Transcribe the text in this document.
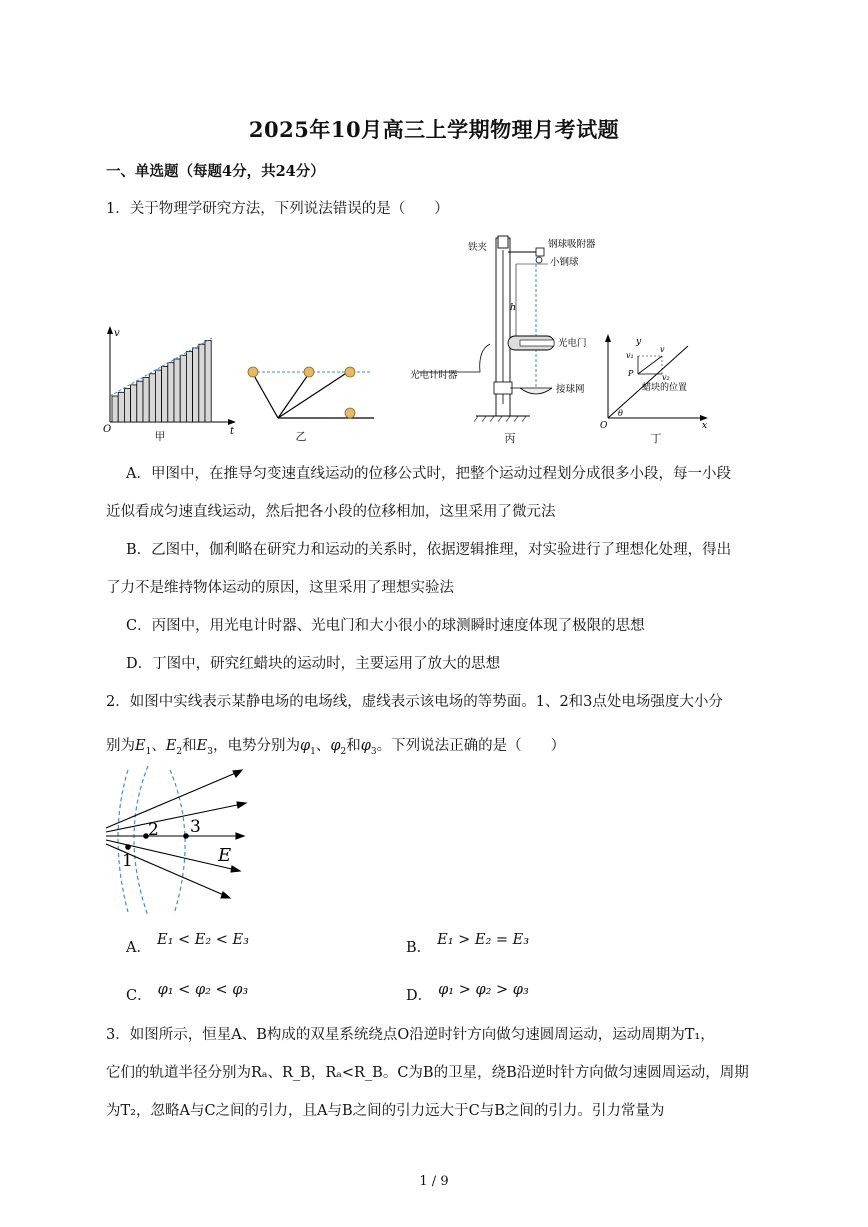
2025年10月高三上学期物理月考试题
一、单选题（每题4分，共24分）
1．关于物理学研究方法，下列说法错误的是（　　）
v
t
O
甲	乙
铁夹	钢球吸附器
小钢球
h
光电门
光电计时器
接球网
丙
y
x
O
θ
P
v
v₁
v₂
蜡块的位置
丁
A．甲图中，在推导匀变速直线运动的位移公式时，把整个运动过程划分成很多小段，每一小段
近似看成匀速直线运动，然后把各小段的位移相加，这里采用了微元法
B．乙图中，伽利略在研究力和运动的关系时，依据逻辑推理，对实验进行了理想化处理，得出
了力不是维持物体运动的原因，这里采用了理想实验法
C．丙图中，用光电计时器、光电门和大小很小的球测瞬时速度体现了极限的思想
D．丁图中，研究红蜡块的运动时，主要运用了放大的思想
2．如图中实线表示某静电场的电场线，虚线表示该电场的等势面。1、2和3点处电场强度大小分
别为$E_1$、$E_2$和$E_3$，电势分别为$\varphi_1$、$\varphi_2$和$\varphi_3$。下列说法正确的是（　　）
1
2 3
E
A． E₁ < E₂ < E₃	B． E₁ > E₂ = E₃
C． φ₁ < φ₂ < φ₃	D． φ₁ > φ₂ > φ₃
3．如图所示，恒星A、B构成的双星系统绕点O沿逆时针方向做匀速圆周运动，运动周期为T₁，
它们的轨道半径分别为Rₐ、R_B，Rₐ<R_B。C为B的卫星，绕B沿逆时针方向做匀速圆周运动，周期
为T₂，忽略A与C之间的引力，且A与B之间的引力远大于C与B之间的引力。引力常量为
1 / 9
